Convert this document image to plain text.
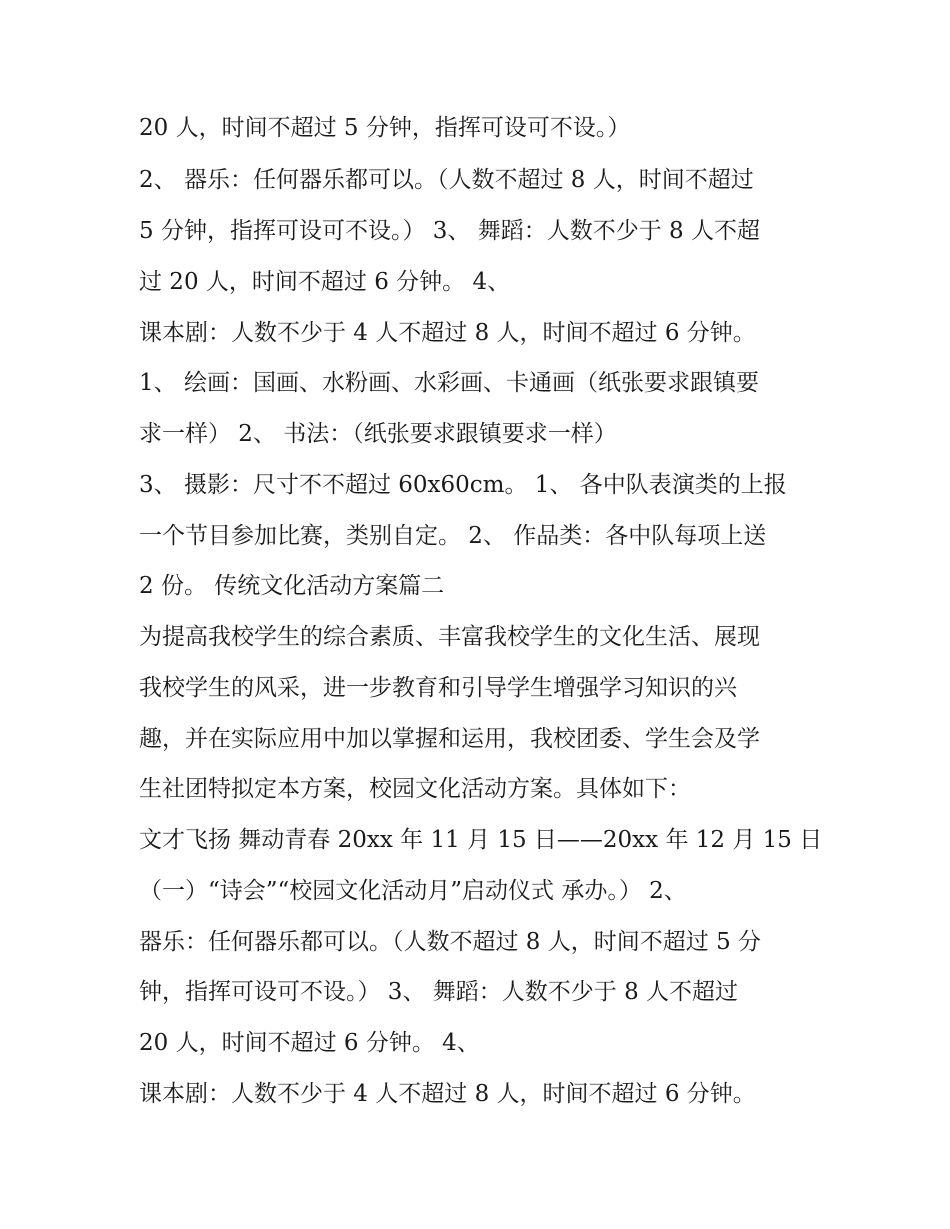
20 人，时间不超过 5 分钟，指挥可设可不设。）
2、 器乐：任何器乐都可以。（人数不超过 8 人，时间不超过
5 分钟，指挥可设可不设。） 3、 舞蹈：人数不少于 8 人不超
过 20 人，时间不超过 6 分钟。 4、
课本剧：人数不少于 4 人不超过 8 人，时间不超过 6 分钟。
1、 绘画：国画、水粉画、水彩画、卡通画（纸张要求跟镇要
求一样） 2、 书法：（纸张要求跟镇要求一样）
3、 摄影：尺寸不不超过 60x60cm。 1、 各中队表演类的上报
一个节目参加比赛，类别自定。 2、 作品类：各中队每项上送
2 份。 传统文化活动方案篇二
为提高我校学生的综合素质、丰富我校学生的文化生活、展现
我校学生的风采，进一步教育和引导学生增强学习知识的兴
趣，并在实际应用中加以掌握和运用，我校团委、学生会及学
生社团特拟定本方案，校园文化活动方案。具体如下：
文才飞扬 舞动青春 20xx 年 11 月 15 日——20xx 年 12 月 15 日
（一）“诗会”“校园文化活动月”启动仪式 承办。） 2、
器乐：任何器乐都可以。（人数不超过 8 人，时间不超过 5 分
钟，指挥可设可不设。） 3、 舞蹈：人数不少于 8 人不超过
20 人，时间不超过 6 分钟。 4、
课本剧：人数不少于 4 人不超过 8 人，时间不超过 6 分钟。
